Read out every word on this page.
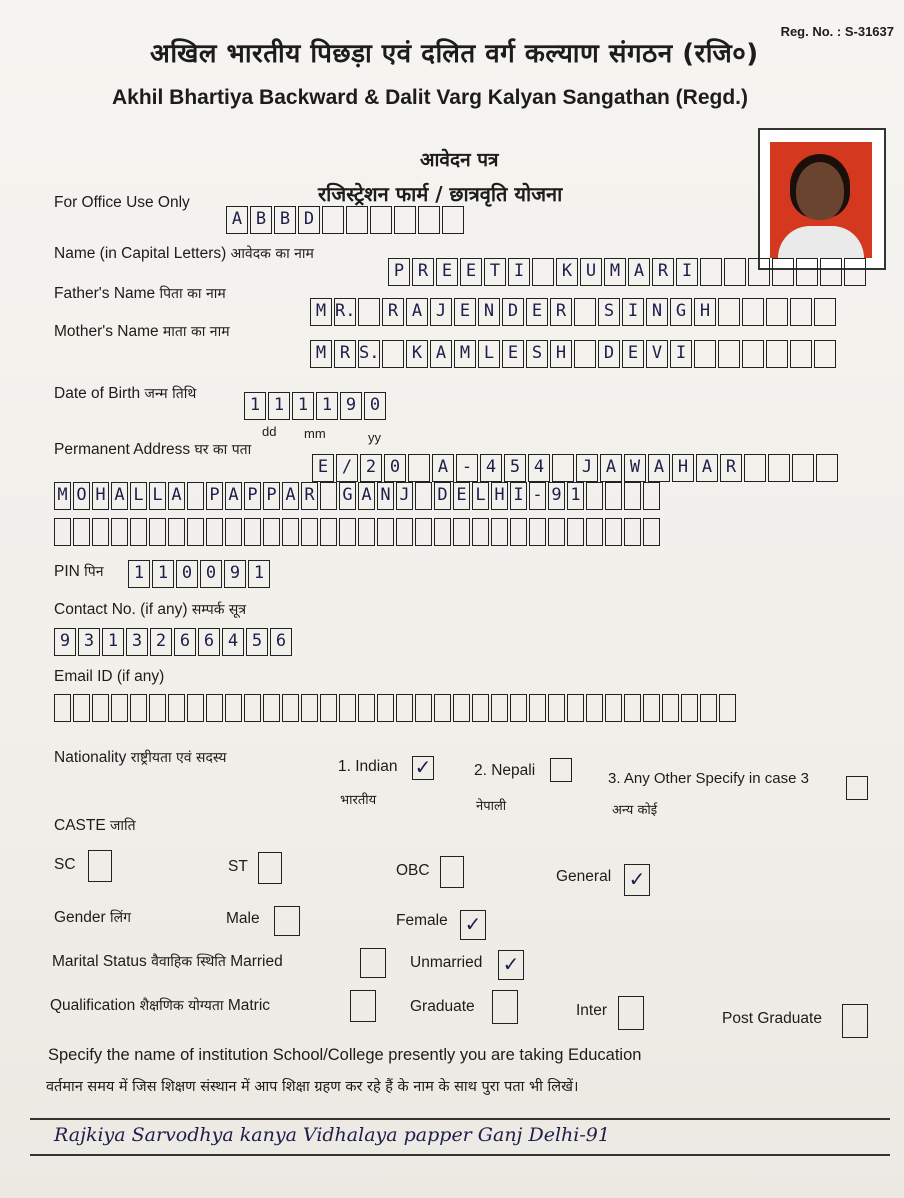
Reg. No. : S-31637
अखिल भारतीय पिछड़ा एवं दलित वर्ग कल्याण संगठन (रजि०)
Akhil Bhartiya Backward & Dalit Varg Kalyan Sangathan (Regd.)
आवेदन पत्र
रजिस्ट्रेशन फार्म / छात्रवृति योजना
For Office Use Only
A B B D
Name (in Capital Letters) आवेदक का नाम
P R E E T I	K U M A R I
Father's Name पिता का नाम
M R.	R A J E N D E R	S I N G H
Mother's Name माता का नाम
M R S.	K A M L E S H	D E V I
Date of Birth जन्म तिथि
1 1 1 1 9 0
dd mm	yy
Permanent Address घर का पता
E / 2 0	A - 4 5 4	J A W A H A R
M O H A L L A P A P P A R G A N J D E L H I - 9 1
PIN पिन	1 1 0 0 9 1
Contact No. (if any) सम्पर्क सूत्र
9 3 1 3 2 6 6 4 5 6
Email ID (if any)
Nationality राष्ट्रीयता एवं सदस्य	1. Indian ✓
भारतीय
2. Nepali
नेपाली
3. Any Other Specify in case 3
अन्य कोई
CASTE जाति
SC	ST	OBC	General ✓
Gender लिंग	Male	Female ✓
Marital Status वैवाहिक स्थिति Married	Unmarried ✓
Qualification शैक्षणिक योग्यता Matric	Graduate	Inter	Post Graduate
Specify the name of institution School/College presently you are taking Education
वर्तमान समय में जिस शिक्षण संस्थान में आप शिक्षा ग्रहण कर रहे हैं के नाम के साथ पुरा पता भी लिखें।
Rajkiya Sarvodhya kanya Vidhalaya papper Ganj Delhi-91
